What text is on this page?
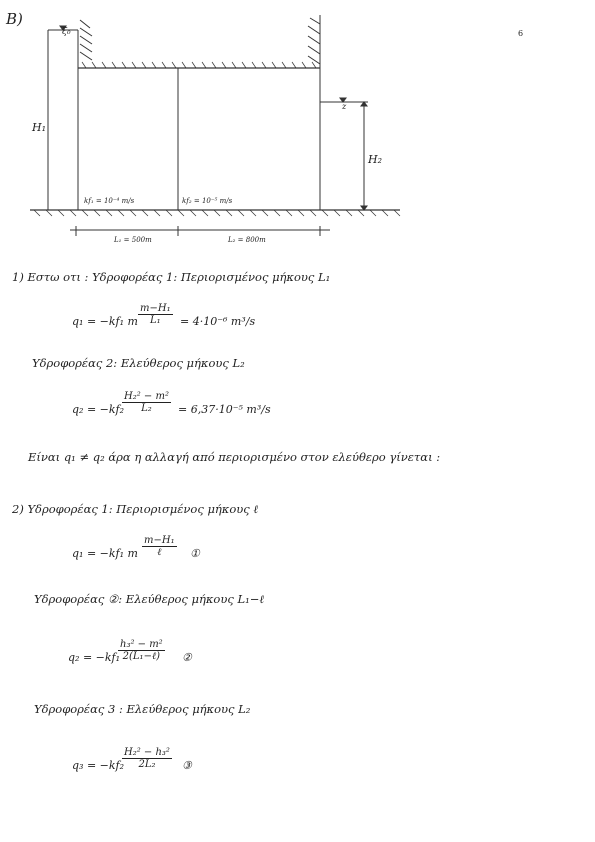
B)
6
ξ₀
H₁
H₂
z
kf₁ = 10⁻⁴ m/s	kf₂ = 10⁻⁵ m/s
L₁ = 500m	L₂ = 800m
1) Εστω οτι : Υδροφορέας 1: Περιορισμένος μήκους L₁
q₁ = −kf₁ m $\frac{\text{m−H₁}}{\text{L₁}} = 4\cdot 10^{-6}$ m³/s
Υδροφορέας 2: Ελεύθερος μήκους L₂
q₂ = −kf₂
$\frac{\text{H₂² − m²}}{\text{L₂}} = 6,37\cdot 10^{-5}$ m³/s
Είναι q₁ ≠ q₂ άρα η αλλαγή από περιορισμένο στον ελεύθερο γίνεται :
2) Υδροφορέας 1: Περιορισμένος μήκους ℓ
q₁ = −kf₁ m
m−H₁
ℓ	①
Υδροφορέας ②: Ελεύθερος μήκους L₁−ℓ
q₂ = −kf₁
h₃² − m²
2(L₁−ℓ) ②
Υδροφορέας 3 : Ελεύθερος μήκους L₂
q₃ = −kf₂
$\frac{\text{H₂² − h₃²}}{\text{2L₂}}$ ③
